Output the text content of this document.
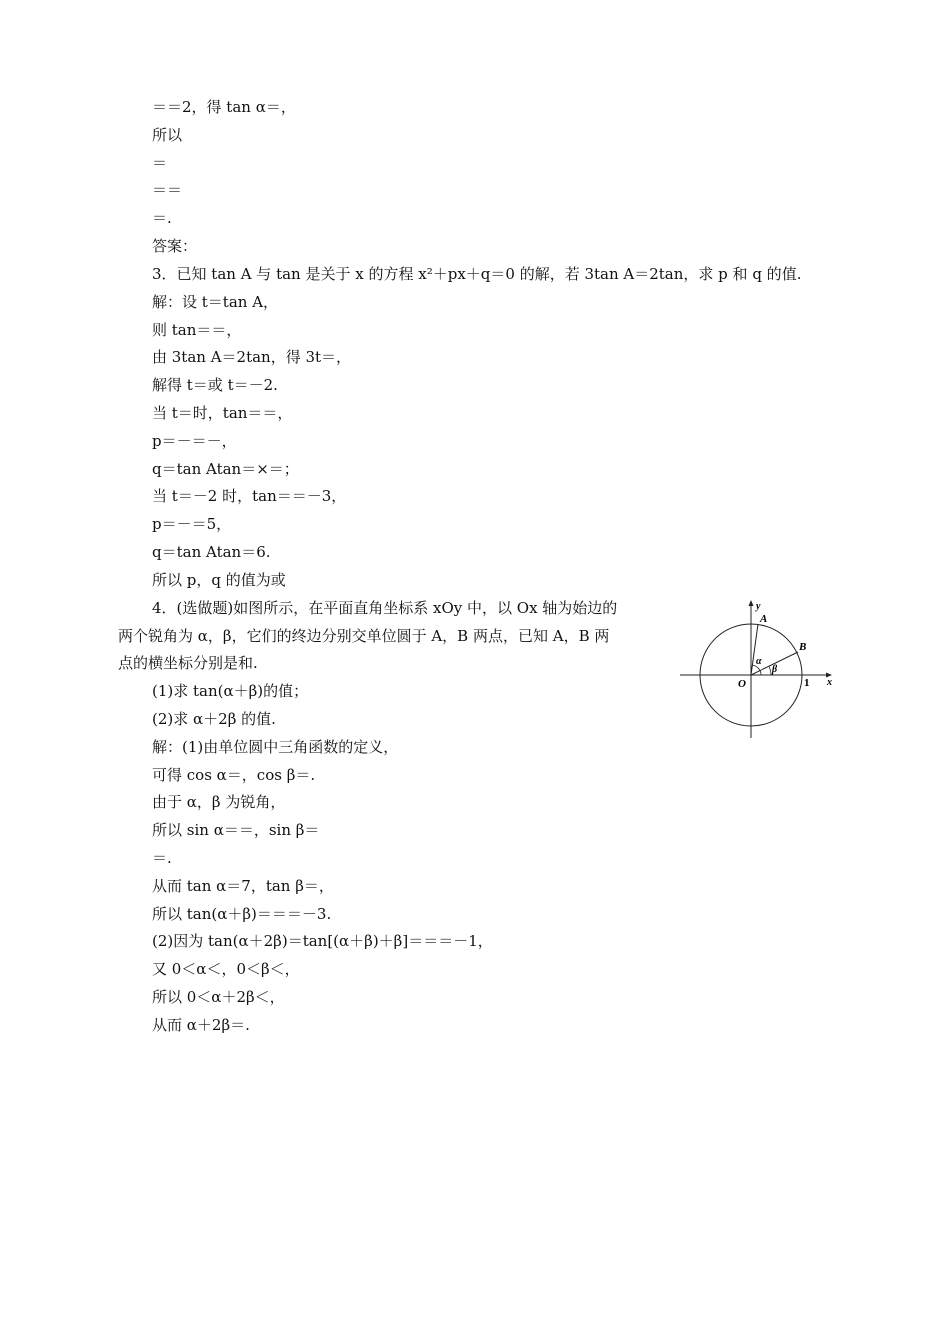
＝＝2，得 tan α＝，
所以
＝
＝＝
＝.
答案：
3．已知 tan A 与 tan 是关于 x 的方程 x²＋px＋q＝0 的解，若 3tan A＝2tan，求 p 和 q 的值.
解：设 t＝tan A，
则 tan＝＝，
由 3tan A＝2tan，得 3t＝，
解得 t＝或 t＝－2.
当 t＝时，tan＝＝，
p＝－＝－，
q＝tan Atan＝×＝；
当 t＝－2 时，tan＝＝－3，
p＝－＝5，
q＝tan Atan＝6.
所以 p，q 的值为或
4．(选做题)如图所示，在平面直角坐标系 xOy 中，以 Ox 轴为始边的
两个锐角为 α，β，它们的终边分别交单位圆于 A，B 两点，已知 A，B 两
点的横坐标分别是和.
(1)求 tan(α＋β)的值；
(2)求 α＋2β 的值.
解：(1)由单位圆中三角函数的定义，
可得 cos α＝，cos β＝.
由于 α，β 为锐角，
所以 sin α＝＝，sin β＝
＝.
从而 tan α＝7，tan β＝，
所以 tan(α＋β)＝＝＝－3.
(2)因为 tan(α＋2β)＝tan[(α＋β)＋β]＝＝＝－1，
又 0＜α＜，0＜β＜，
所以 0＜α＋2β＜，
从而 α＋2β＝.
y
x
O	1
A
B
α
β
